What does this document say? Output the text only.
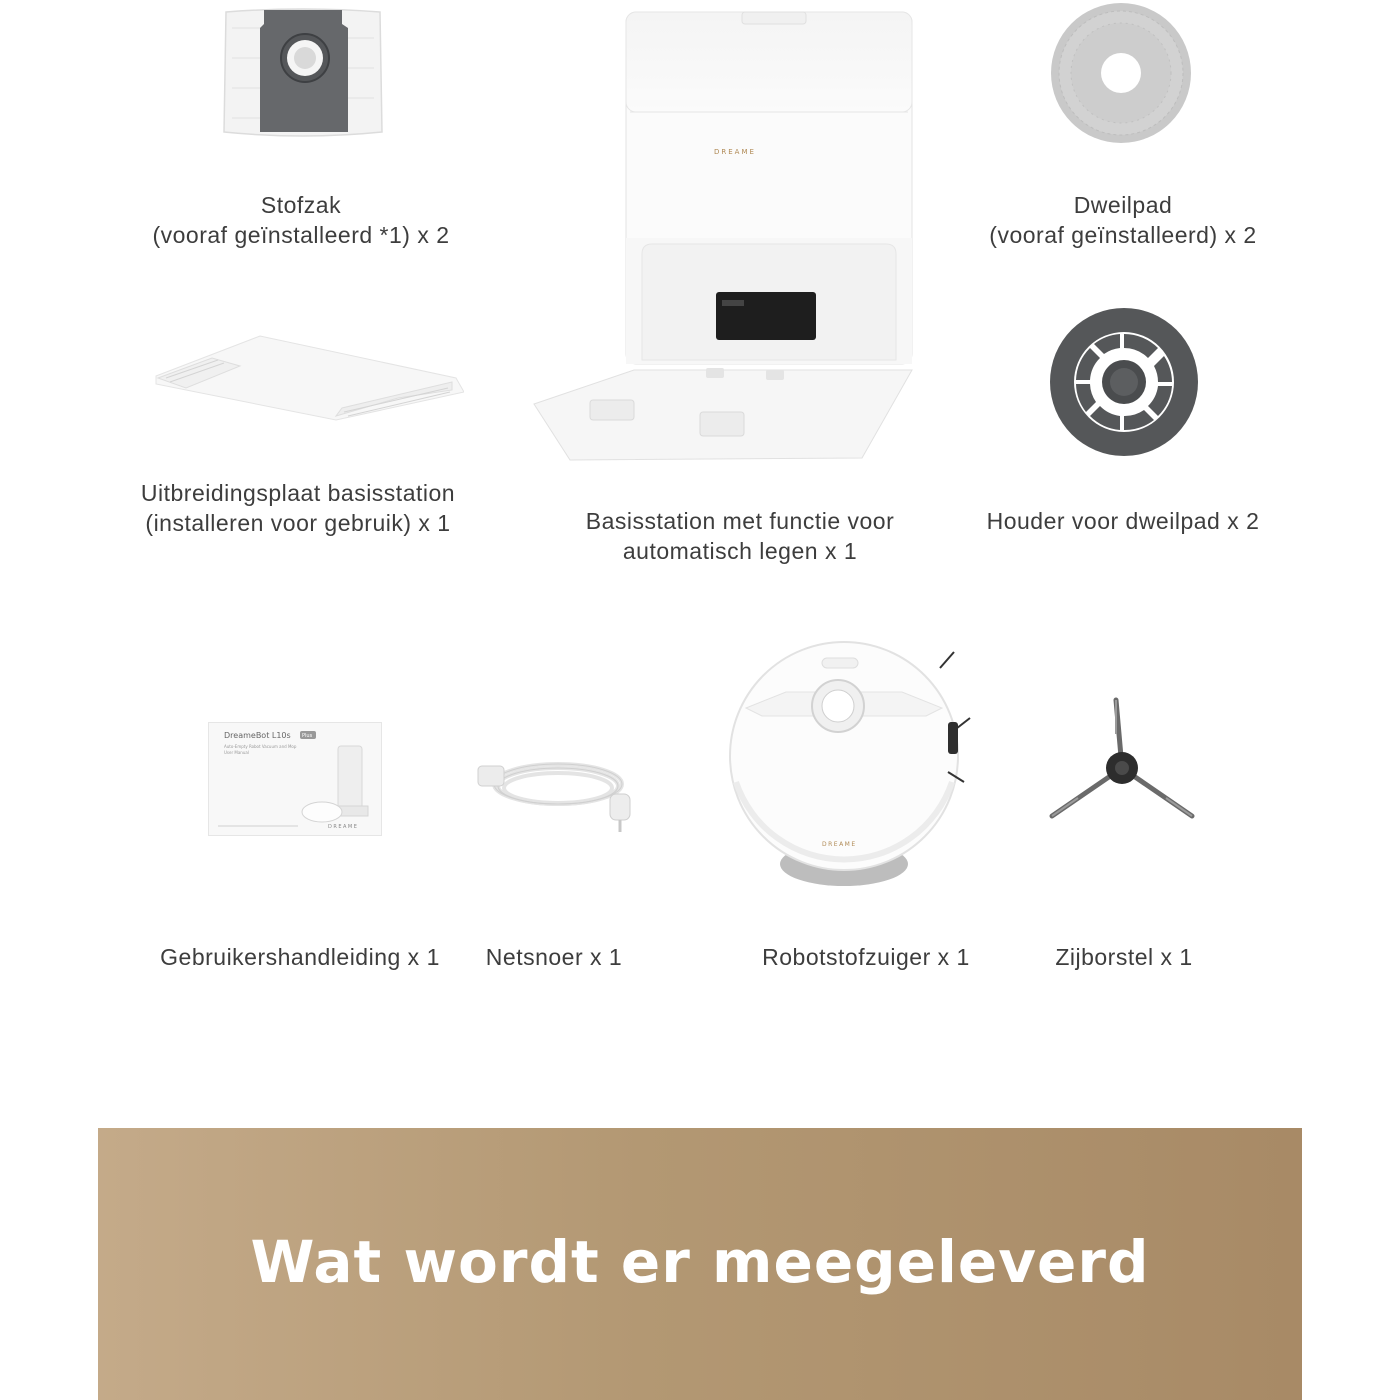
Stofzak
(vooraf geïnstalleerd *1) x 2
DREAME
Basisstation met functie voor
automatisch legen x 1
Dweilpad
(vooraf geïnstalleerd) x 2
Uitbreidingsplaat basisstation
(installeren voor gebruik) x 1	Houder voor dweilpad x 2
DreameBot L10s Plus
Auto-Empty Robot Vacuum and Mop
User Manual
DREAME
Gebruikershandleiding x 1	Netsnoer x 1
DREAME
Robotstofzuiger x 1	Zijborstel x 1
Wat wordt er meegeleverd
